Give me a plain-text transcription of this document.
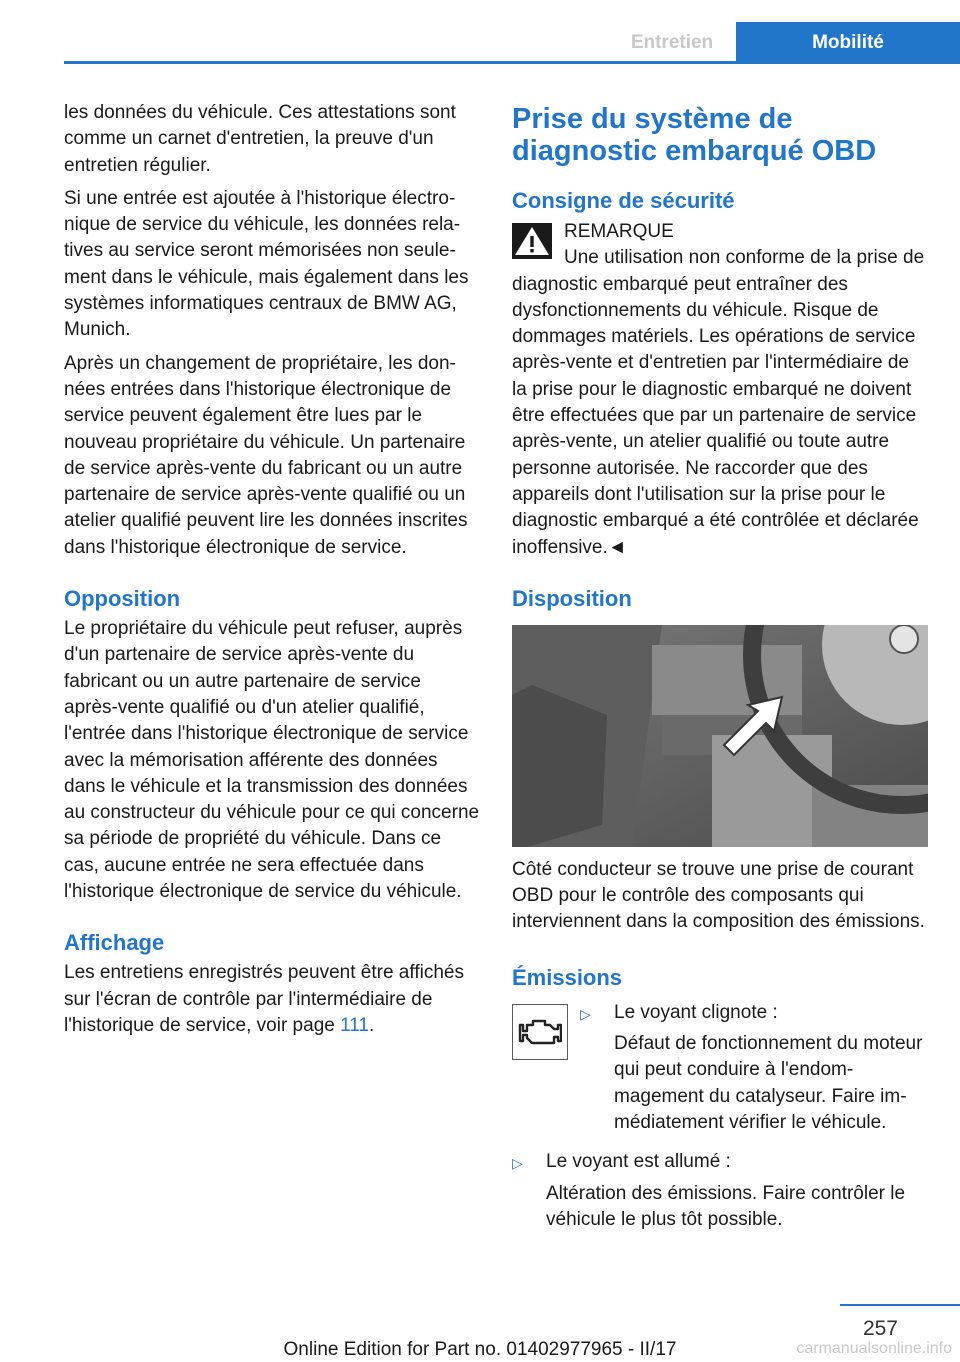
Entretien	Mobilité

les données du véhicule. Ces attestations sont comme un carnet d'entretien, la preuve d'un entretien régulier.

Si une entrée est ajoutée à l'historique électronique de service du véhicule, les données relatives au service seront mémorisées non seulement dans le véhicule, mais également dans les systèmes informatiques centraux de BMW AG, Munich.

Après un changement de propriétaire, les données entrées dans l'historique électronique de service peuvent également être lues par le nouveau propriétaire du véhicule. Un partenaire de service après-vente du fabricant ou un autre partenaire de service après-vente qualifié ou un atelier qualifié peuvent lire les données inscrites dans l'historique électronique de service.

Opposition

Le propriétaire du véhicule peut refuser, auprès d'un partenaire de service après-vente du fabricant ou un autre partenaire de service après-vente qualifié ou d'un atelier qualifié, l'entrée dans l'historique électronique de service avec la mémorisation afférente des données dans le véhicule et la transmission des données au constructeur du véhicule pour ce qui concerne sa période de propriété du véhicule. Dans ce cas, aucune entrée ne sera effectuée dans l'historique électronique de service du véhicule.

Affichage

Les entretiens enregistrés peuvent être affichés sur l'écran de contrôle par l'intermédiaire de l'historique de service, voir page 111.

Prise du système de diagnostic embarqué OBD
Consigne de sécurité

REMARQUE

Une utilisation non conforme de la prise de diagnostic embarqué peut entraîner des dysfonctionnements du véhicule. Risque de dommages matériels. Les opérations de service après-vente et d'entretien par l'intermédiaire de la prise pour le diagnostic embarqué ne doivent être effectuées que par un partenaire de service après-vente, un atelier qualifié ou toute autre personne autorisée. Ne raccorder que des appareils dont l'utilisation sur la prise pour le diagnostic embarqué a été contrôlée et déclarée inoffensive.◄

Disposition

Côté conducteur se trouve une prise de courant OBD pour le contrôle des composants qui interviennent dans la composition des émissions.

Émissions
▷	Le voyant clignote :

Défaut de fonctionnement du moteur qui peut conduire à l'endommagement du catalyseur. Faire immédiatement vérifier le véhicule.

▷	Le voyant est allumé :

Altération des émissions. Faire contrôler le véhicule le plus tôt possible.

257
Online Edition for Part no. 01402977965 - II/17	carmanualsonline.info
